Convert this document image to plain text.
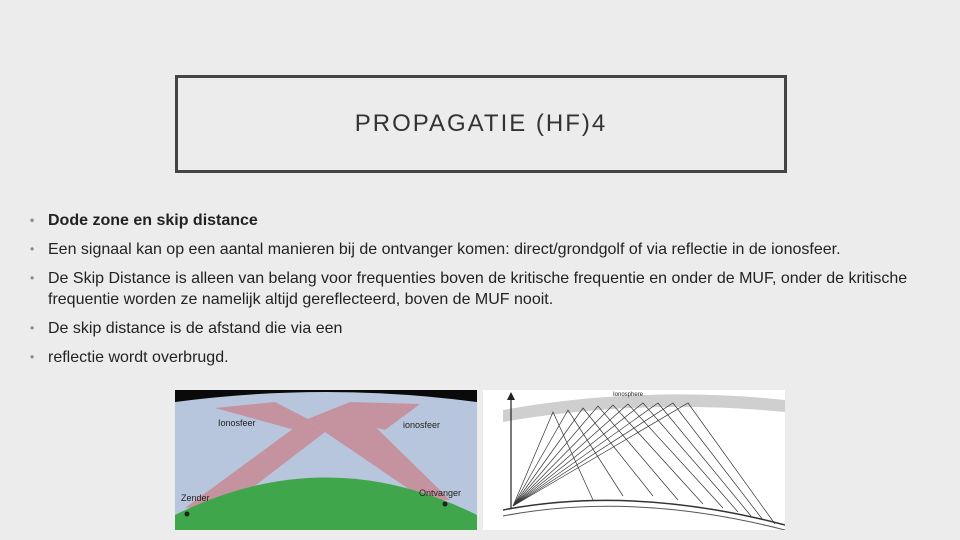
PROPAGATIE (HF)4
• Dode zone en skip distance
• Een signaal kan op een aantal manieren bij de ontvanger komen: direct/grondgolf of via reflectie in de ionosfeer.
• De Skip Distance is alleen van belang voor frequenties boven de kritische frequentie en onder de MUF, onder de kritische frequentie worden ze namelijk altijd gereflecteerd, boven de MUF nooit.
• De skip distance is de afstand die via een
• reflectie wordt overbrugd.
Ionosfeer	ionosfeer
Zender	Ontvanger
Ionosphere
